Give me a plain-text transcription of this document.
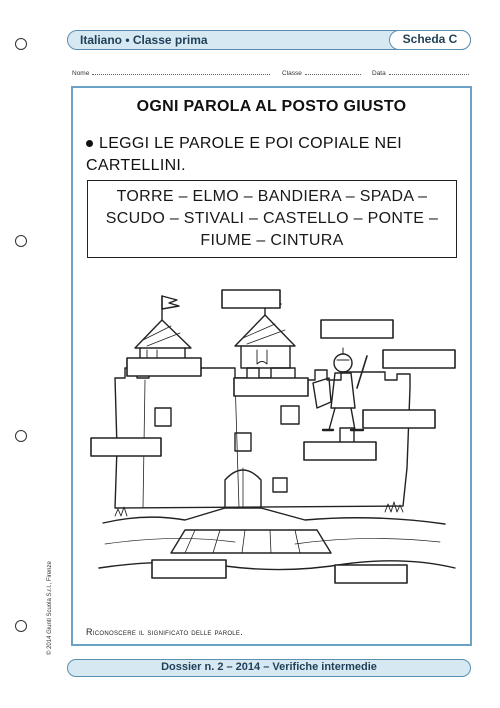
Italiano • Classe prima	Scheda C
Nome	Classe	Data
OGNI PAROLA AL POSTO GIUSTO
LEGGI LE PAROLE E POI COPIALE NEI
CARTELLINI.
TORRE – ELMO – BANDIERA – SPADA –
SCUDO – STIVALI – CASTELLO – PONTE –
FIUME – CINTURA
Riconoscere il significato delle parole.
© 2014 Giunti Scuola S.r.l., Firenze
Dossier n. 2 – 2014 – Verifiche intermedie
